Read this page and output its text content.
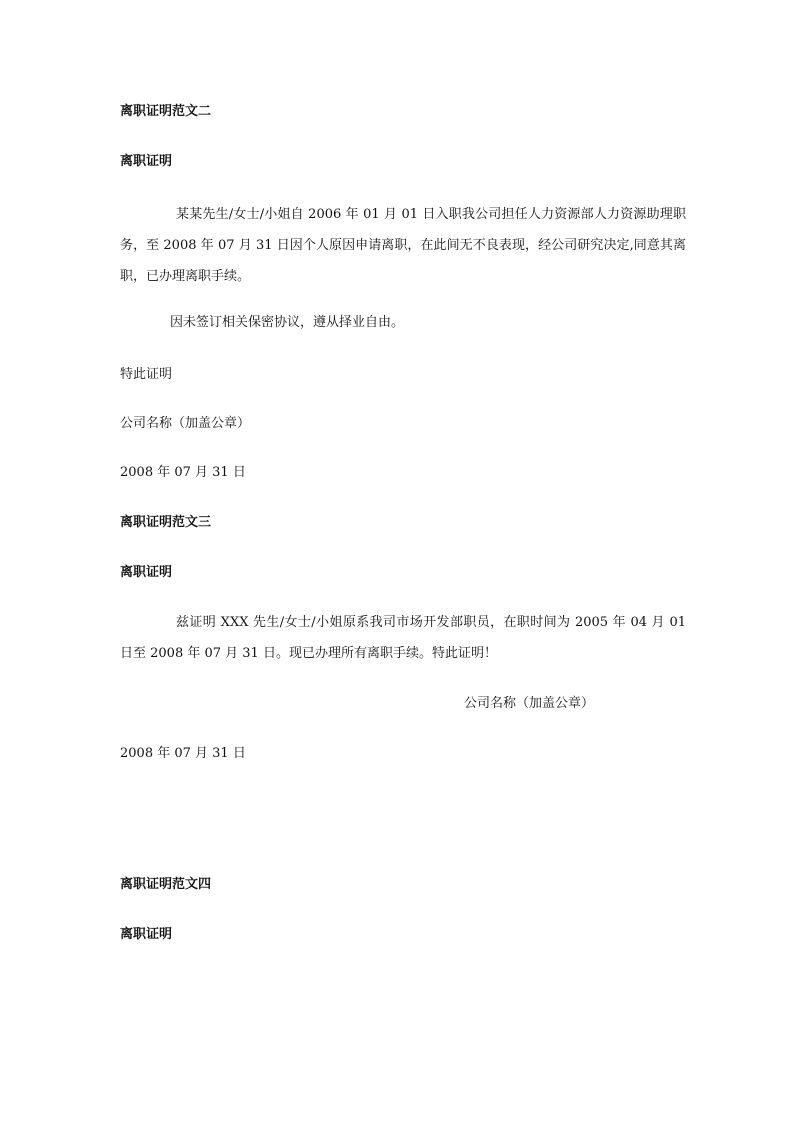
离职证明范文二
离职证明
某某先生/女士/小姐自 2006 年 01 月 01 日入职我公司担任人力资源部人力资源助理职务，至 2008 年 07 月 31 日因个人原因申请离职，在此间无不良表现，经公司研究决定,同意其离职，已办理离职手续。
因未签订相关保密协议，遵从择业自由。
特此证明
公司名称（加盖公章）
2008 年 07 月 31 日
离职证明范文三
离职证明
兹证明 XXX 先生/女士/小姐原系我司市场开发部职员，在职时间为 2005 年 04 月 01 日至 2008 年 07 月 31 日。现已办理所有离职手续。特此证明！
公司名称（加盖公章）
2008 年 07 月 31 日
离职证明范文四
离职证明
